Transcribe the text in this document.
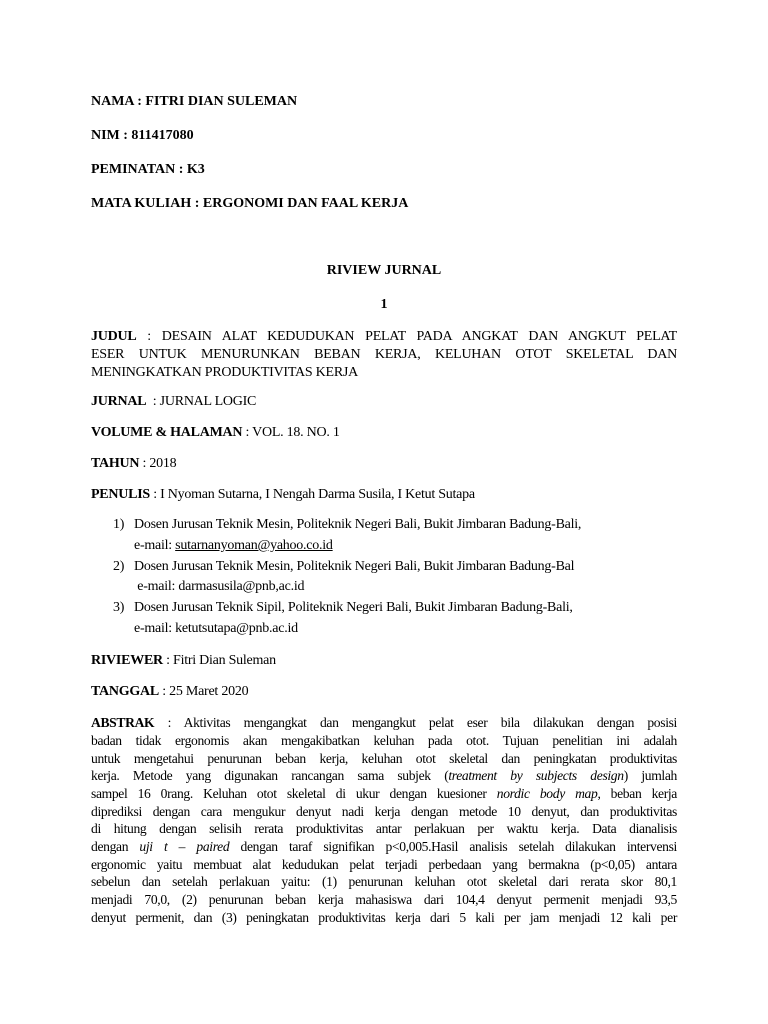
NAMA : FITRI DIAN SULEMAN
NIM : 811417080
PEMINATAN : K3
MATA KULIAH : ERGONOMI DAN FAAL KERJA
RIVIEW JURNAL
1
JUDUL : DESAIN ALAT KEDUDUKAN PELAT PADA ANGKAT DAN ANGKUT PELAT
ESER UNTUK MENURUNKAN BEBAN KERJA, KELUHAN OTOT SKELETAL DAN
MENINGKATKAN PRODUKTIVITAS KERJA
JURNAL  : JURNAL LOGIC
VOLUME & HALAMAN : VOL. 18. NO. 1
TAHUN : 2018
PENULIS : I Nyoman Sutarna, I Nengah Darma Susila, I Ketut Sutapa
1) Dosen Jurusan Teknik Mesin, Politeknik Negeri Bali, Bukit Jimbaran Badung-Bali,
e-mail: sutarnanyoman@yahoo.co.id
2) Dosen Jurusan Teknik Mesin, Politeknik Negeri Bali, Bukit Jimbaran Badung-Bal
e-mail: darmasusila@pnb,ac.id
3) Dosen Jurusan Teknik Sipil, Politeknik Negeri Bali, Bukit Jimbaran Badung-Bali,
e-mail: ketutsutapa@pnb.ac.id
RIVIEWER : Fitri Dian Suleman
TANGGAL : 25 Maret 2020
ABSTRAK : Aktivitas mengangkat dan mengangkut pelat eser bila dilakukan dengan posisi
badan tidak ergonomis akan mengakibatkan keluhan pada otot. Tujuan penelitian ini adalah
untuk mengetahui penurunan beban kerja, keluhan otot skeletal dan peningkatan produktivitas
kerja. Metode yang digunakan rancangan sama subjek (treatment by subjects design) jumlah
sampel 16 0rang. Keluhan otot skeletal di ukur dengan kuesioner nordic body map, beban kerja
diprediksi dengan cara mengukur denyut nadi kerja dengan metode 10 denyut, dan produktivitas
di hitung dengan selisih rerata produktivitas antar perlakuan per waktu kerja. Data dianalisis
dengan uji t – paired dengan taraf signifikan p<0,005.Hasil analisis setelah dilakukan intervensi
ergonomic yaitu membuat alat kedudukan pelat terjadi perbedaan yang bermakna (p<0,05) antara
sebelun dan setelah perlakuan yaitu: (1) penurunan keluhan otot skeletal dari rerata skor 80,1
menjadi 70,0, (2) penurunan beban kerja mahasiswa dari 104,4 denyut permenit menjadi 93,5
denyut permenit, dan (3) peningkatan produktivitas kerja dari 5 kali per jam menjadi 12 kali per
